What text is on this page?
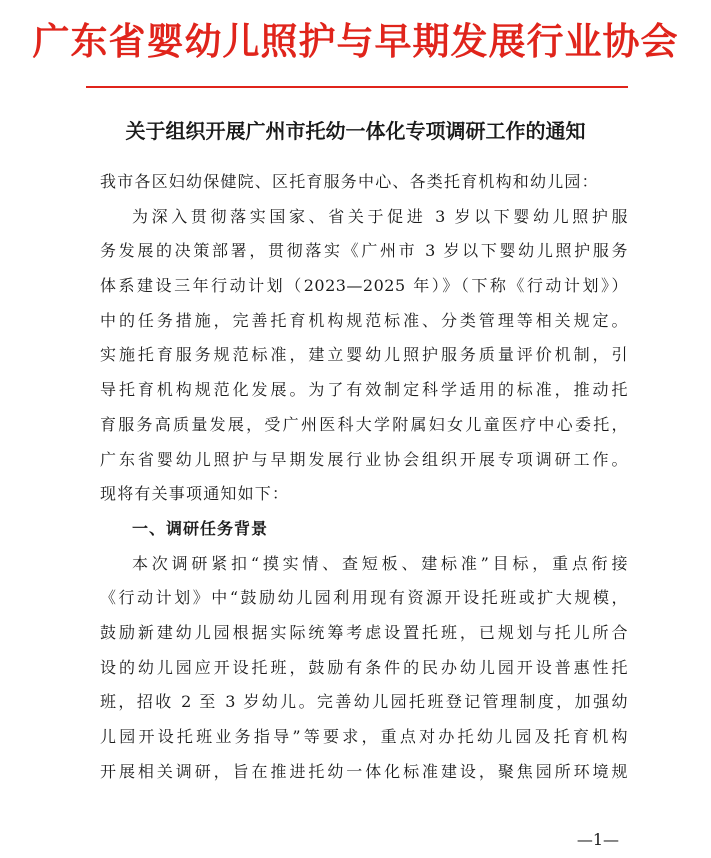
广东省婴幼儿照护与早期发展行业协会
关于组织开展广州市托幼一体化专项调研工作的通知
我市各区妇幼保健院、区托育服务中心、各类托育机构和幼儿园：
为深入贯彻落实国家、省关于促进 3 岁以下婴幼儿照护服
务发展的决策部署，贯彻落实《广州市 3 岁以下婴幼儿照护服务
体系建设三年行动计划（2023—2025 年）》（下称《行动计划》）
中的任务措施，完善托育机构规范标准、分类管理等相关规定。
实施托育服务规范标准，建立婴幼儿照护服务质量评价机制，引
导托育机构规范化发展。为了有效制定科学适用的标准，推动托
育服务高质量发展，受广州医科大学附属妇女儿童医疗中心委托，
广东省婴幼儿照护与早期发展行业协会组织开展专项调研工作。
现将有关事项通知如下：
一、调研任务背景
本次调研紧扣“摸实情、查短板、建标准”目标，重点衔接
《行动计划》中“鼓励幼儿园利用现有资源开设托班或扩大规模，
鼓励新建幼儿园根据实际统筹考虑设置托班，已规划与托儿所合
设的幼儿园应开设托班，鼓励有条件的民办幼儿园开设普惠性托
班，招收 2 至 3 岁幼儿。完善幼儿园托班登记管理制度，加强幼
儿园开设托班业务指导”等要求，重点对办托幼儿园及托育机构
开展相关调研，旨在推进托幼一体化标准建设，聚焦园所环境规
—1—
